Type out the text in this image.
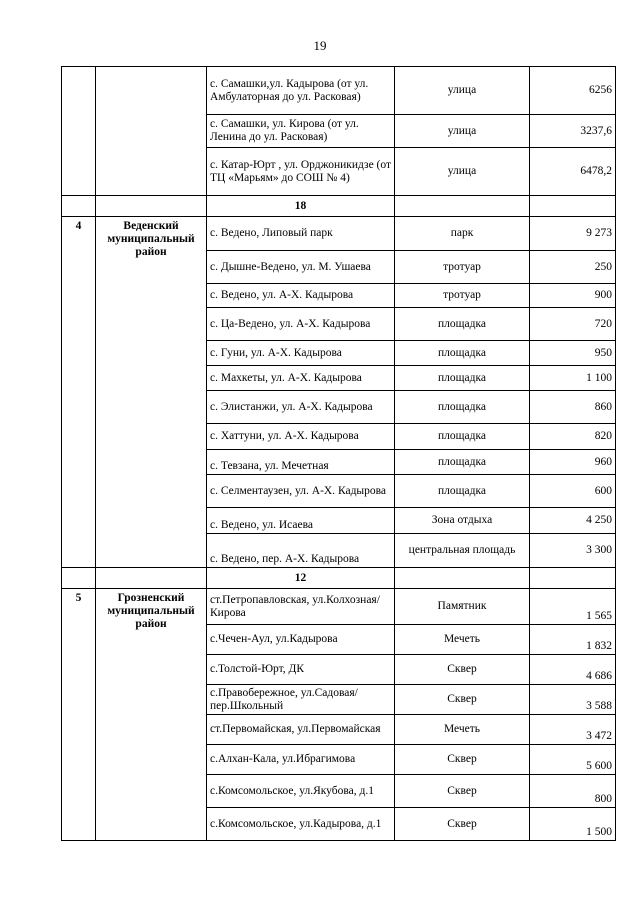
19
		с. Самашки,ул. Кадырова (от ул. Амбулаторная до ул. Расковая)	улица	6256
		с. Самашки, ул. Кирова (от ул. Ленина до ул. Расковая)	улица	3237,6
		с. Катар-Юрт , ул. Орджоникидзе (от ТЦ «Марьям» до СОШ № 4)	улица	6478,2
		18		
4	Веденский муниципальный район	с. Ведено, Липовый парк	парк	9 273
		с. Дышне-Ведено, ул. М. Ушаева	тротуар	250
		с. Ведено, ул. А-Х. Кадырова	тротуар	900
		с. Ца-Ведено, ул. А-Х. Кадырова	площадка	720
		с. Гуни, ул. А-Х. Кадырова	площадка	950
		с. Махкеты, ул. А-Х. Кадырова	площадка	1 100
		с. Элистанжи, ул. А-Х. Кадырова	площадка	860
		с. Хаттуни, ул. А-Х. Кадырова	площадка	820
		с. Тевзана, ул. Мечетная	площадка	960
		с. Селментаузен, ул. А-Х. Кадырова	площадка	600
		с. Ведено, ул. Исаева	Зона отдыха	4 250
		с. Ведено, пер. А-Х. Кадырова	центральная площадь	3 300
		12		
5	Грозненский муниципальный район	ст.Петропавловская, ул.Колхозная/Кирова	Памятник	1 565
		с.Чечен-Аул, ул.Кадырова	Мечеть	1 832
		с.Толстой-Юрт, ДК	Сквер	4 686
		с.Правобережное, ул.Садовая/ пер.Школьный	Сквер	3 588
		ст.Первомайская, ул.Первомайская	Мечеть	3 472
		с.Алхан-Кала, ул.Ибрагимова	Сквер	5 600
		с.Комсомольское, ул.Якубова, д.1	Сквер	800
		с.Комсомольское, ул.Кадырова, д.1	Сквер	1 500
